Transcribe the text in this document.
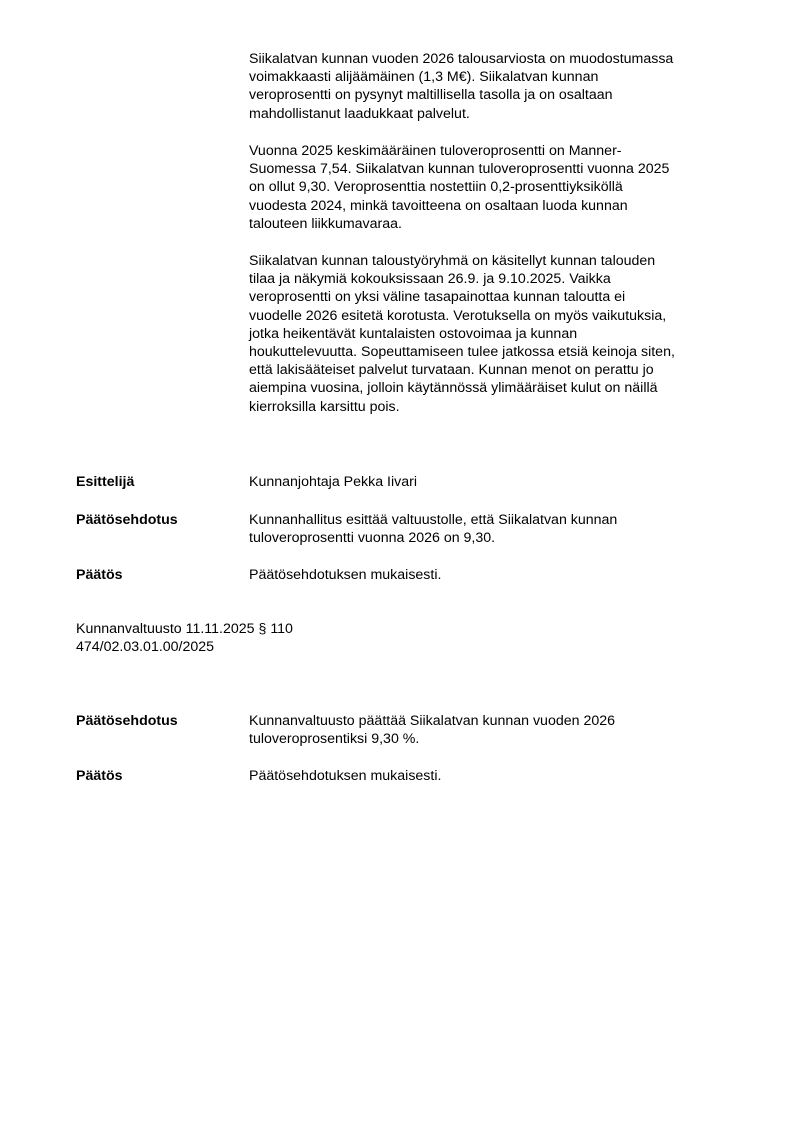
Siikalatvan kunnan vuoden 2026 talousarviosta on muodostumassa
voimakkaasti alijäämäinen (1,3 M€). Siikalatvan kunnan
veroprosentti on pysynyt maltillisella tasolla ja on osaltaan
mahdollistanut laadukkaat palvelut.
Vuonna 2025 keskimääräinen tuloveroprosentti on Manner-
Suomessa 7,54. Siikalatvan kunnan tuloveroprosentti vuonna 2025
on ollut 9,30. Veroprosenttia nostettiin 0,2-prosenttiyksiköllä
vuodesta 2024, minkä tavoitteena on osaltaan luoda kunnan
talouteen liikkumavaraa.
Siikalatvan kunnan taloustyöryhmä on käsitellyt kunnan talouden
tilaa ja näkymiä kokouksissaan 26.9. ja 9.10.2025. Vaikka
veroprosentti on yksi väline tasapainottaa kunnan taloutta ei
vuodelle 2026 esitetä korotusta. Verotuksella on myös vaikutuksia,
jotka heikentävät kuntalaisten ostovoimaa ja kunnan
houkuttelevuutta. Sopeuttamiseen tulee jatkossa etsiä keinoja siten,
että lakisääteiset palvelut turvataan. Kunnan menot on perattu jo
aiempina vuosina, jolloin käytännössä ylimääräiset kulut on näillä
kierroksilla karsittu pois.
Esittelijä	Kunnanjohtaja Pekka Iivari
Päätösehdotus	Kunnanhallitus esittää valtuustolle, että Siikalatvan kunnan
tuloveroprosentti vuonna 2026 on 9,30.
Päätös	Päätösehdotuksen mukaisesti.
Kunnanvaltuusto 11.11.2025 § 110
474/02.03.01.00/2025
Päätösehdotus	Kunnanvaltuusto päättää Siikalatvan kunnan vuoden 2026
tuloveroprosentiksi 9,30 %.
Päätös	Päätösehdotuksen mukaisesti.
